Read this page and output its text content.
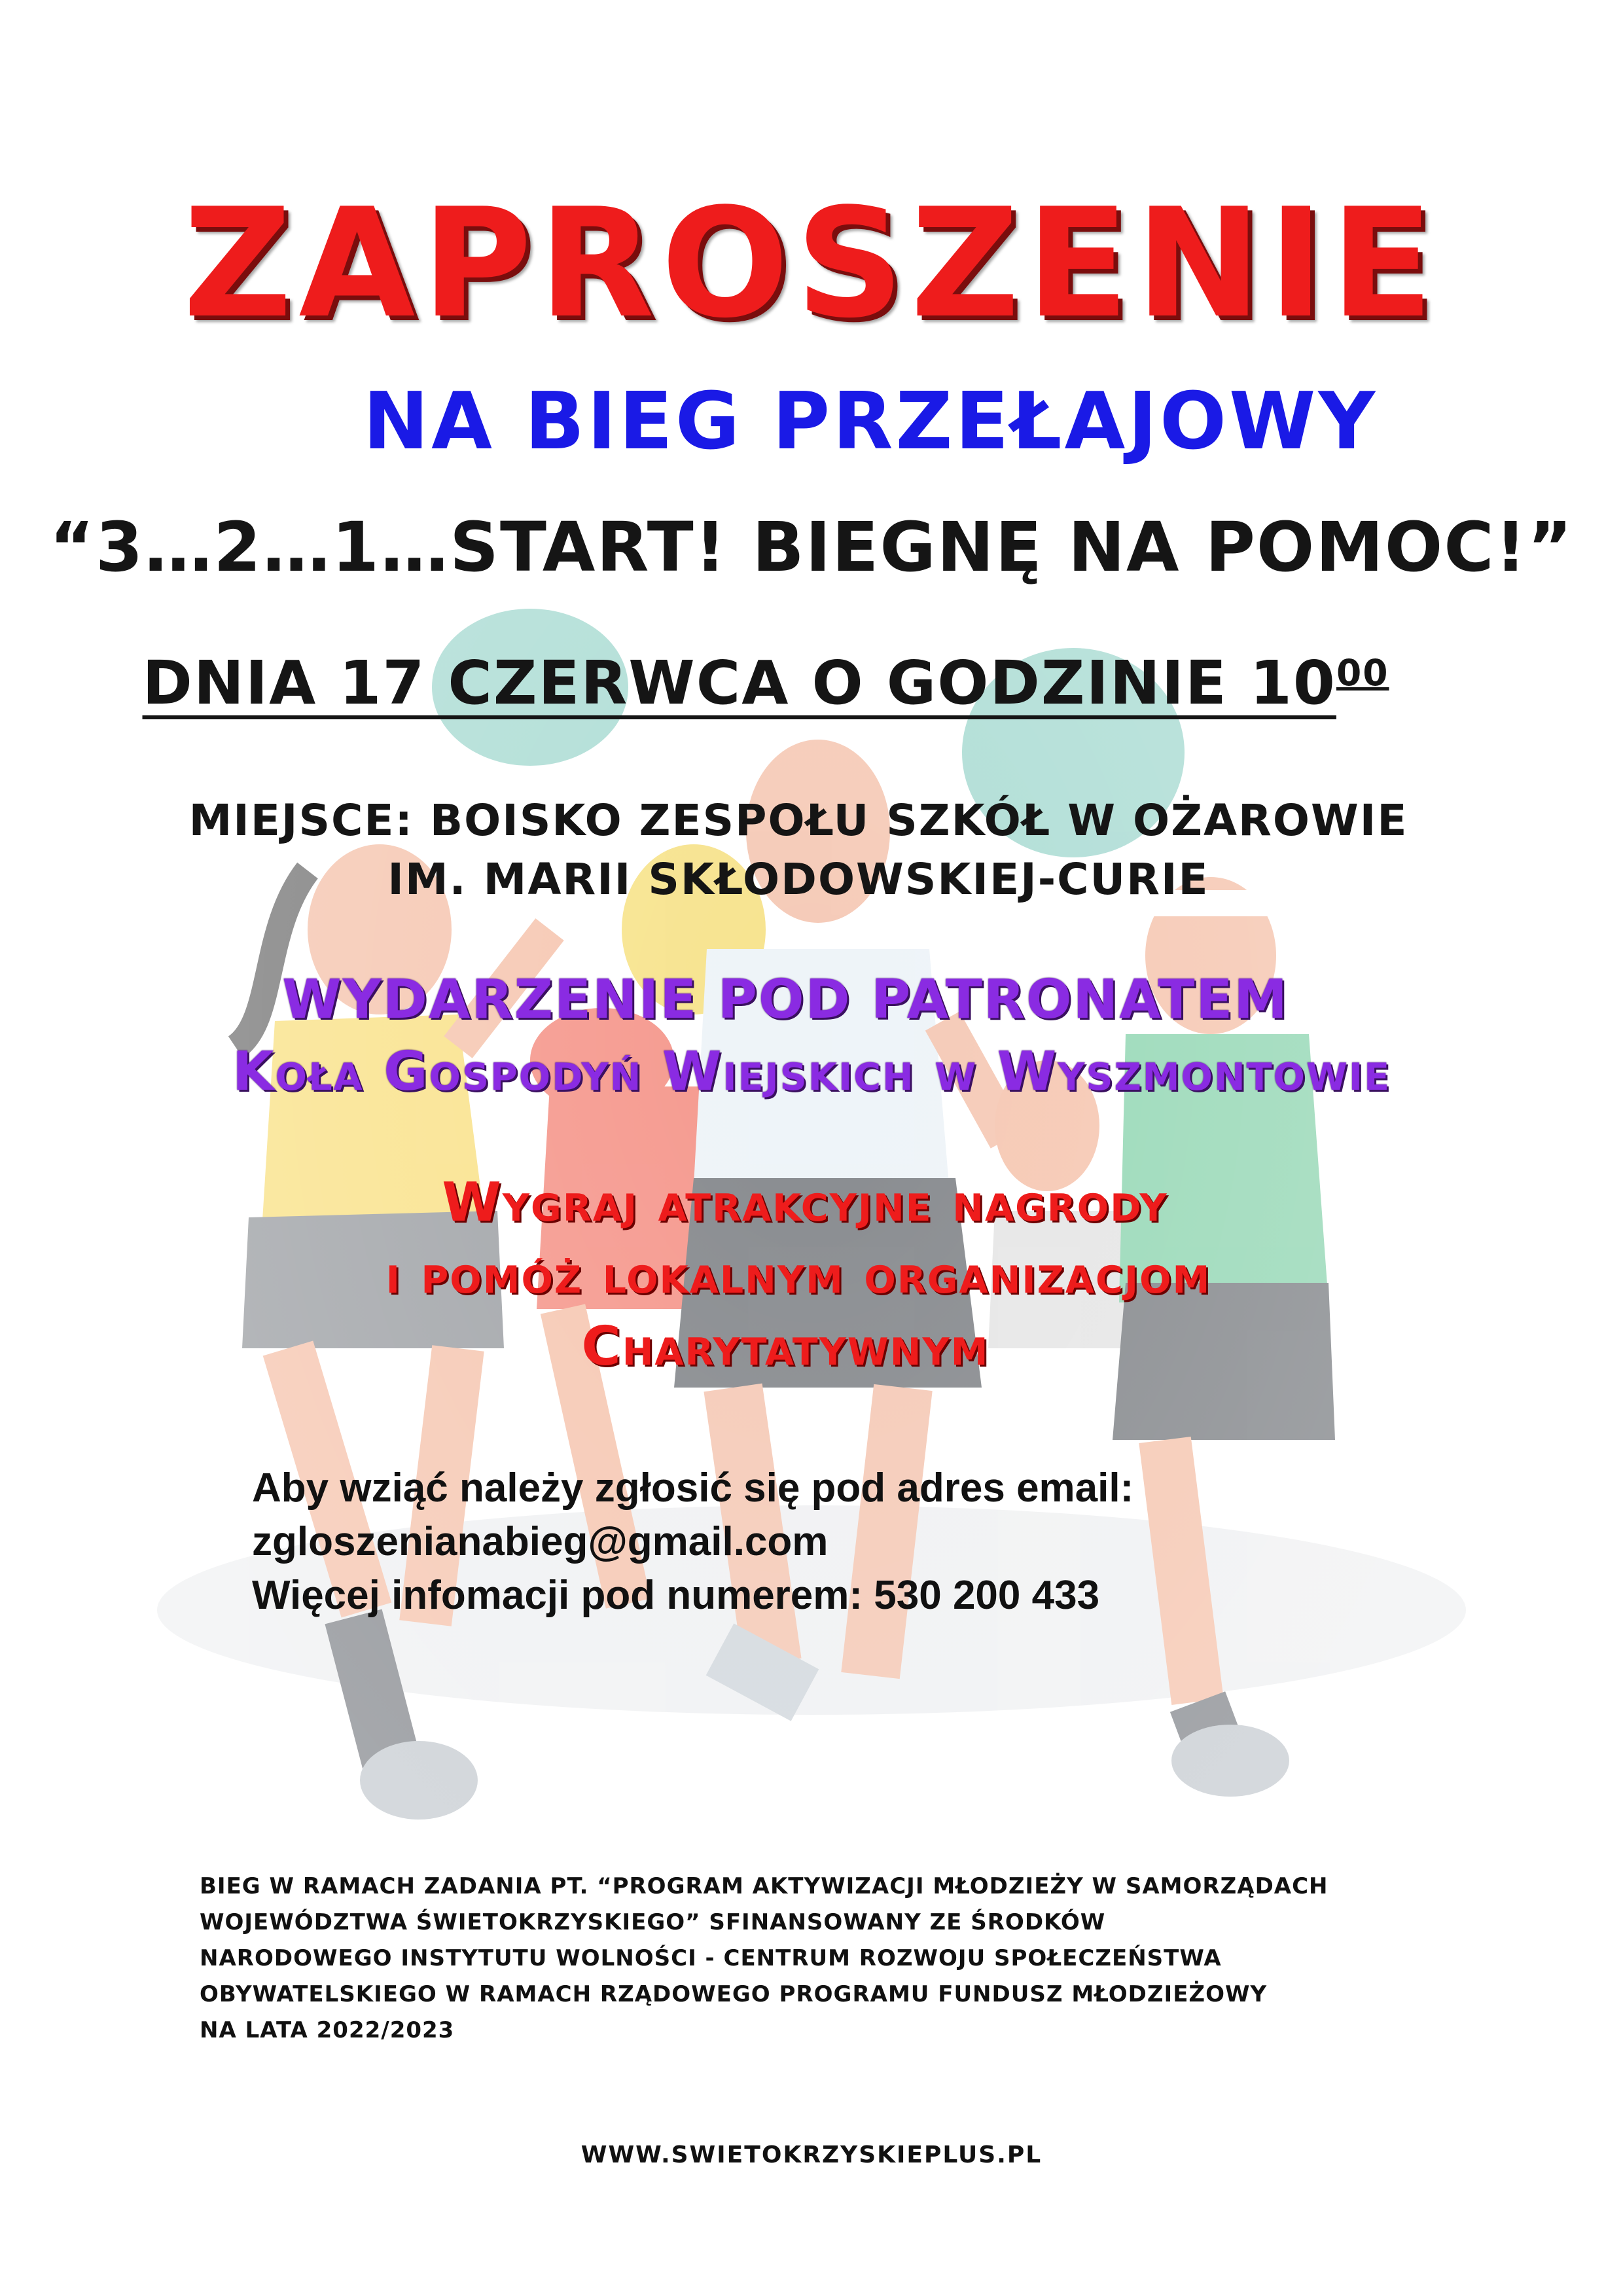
ZAPROSZENIE
NA BIEG PRZEŁAJOWY
“3…2…1…START! BIEGNĘ NA POMOC!”
DNIA 17 CZERWCA O GODZINIE $10^{00}$
MIEJSCE: BOISKO ZESPOŁU SZKÓŁ W OŻAROWIE
IM. MARII SKŁODOWSKIEJ-CURIE
WYDARZENIE POD PATRONATEM
Koła Gospodyń Wiejskich w Wyszmontowie
Wygraj atrakcyjne nagrody
i pomóż lokalnym organizacjom
Charytatywnym
Aby wziąć należy zgłosić się pod adres email:
zgloszenianabieg@gmail.com
Więcej infomacji pod numerem: 530 200 433
BIEG W RAMACH ZADANIA PT. “PROGRAM AKTYWIZACJI MŁODZIEŻY W SAMORZĄDACH
WOJEWÓDZTWA ŚWIETOKRZYSKIEGO” SFINANSOWANY ZE ŚRODKÓW
NARODOWEGO INSTYTUTU WOLNOŚCI - CENTRUM ROZWOJU SPOŁECZEŃSTWA
OBYWATELSKIEGO W RAMACH RZĄDOWEGO PROGRAMU FUNDUSZ MŁODZIEŻOWY
NA LATA 2022/2023
WWW.SWIETOKRZYSKIEPLUS.PL
